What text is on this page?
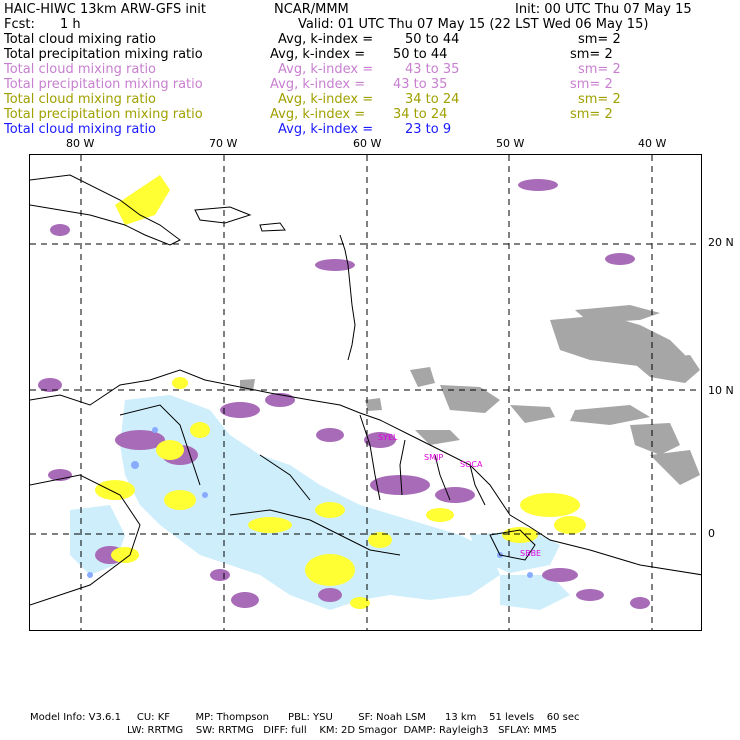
HAIC-HIWC 13km ARW-GFS init	NCAR/MMM	Init: 00 UTC Thu 07 May 15
Fcst: 1 h	Valid: 01 UTC Thu 07 May 15 (22 LST Wed 06 May 15)
Total cloud mixing ratio	Avg, k-index = 50 to 44	sm= 2
Total precipitation mixing ratio	Avg, k-index = 50 to 44	sm= 2
Total cloud mixing ratio	Avg, k-index = 43 to 35	sm= 2
Total precipitation mixing ratio	Avg, k-index = 43 to 35	sm= 2
Total cloud mixing ratio	Avg, k-index = 34 to 24	sm= 2
Total precipitation mixing ratio	Avg, k-index = 34 to 24	sm= 2
Total cloud mixing ratio	Avg, k-index = 23 to 9
80 W	70 W	60 W	50 W	40 W
20 N
10 N
0
SYEL
SMJP
SOCA
SBBE
Model Info: V3.6.1     CU: KF        MP: Thompson      PBL: YSU        SF: Noah LSM      13 km    51 levels    60 sec
LW: RRTMG    SW: RRTMG   DIFF: full    KM: 2D Smagor  DAMP: Rayleigh3   SFLAY: MM5
